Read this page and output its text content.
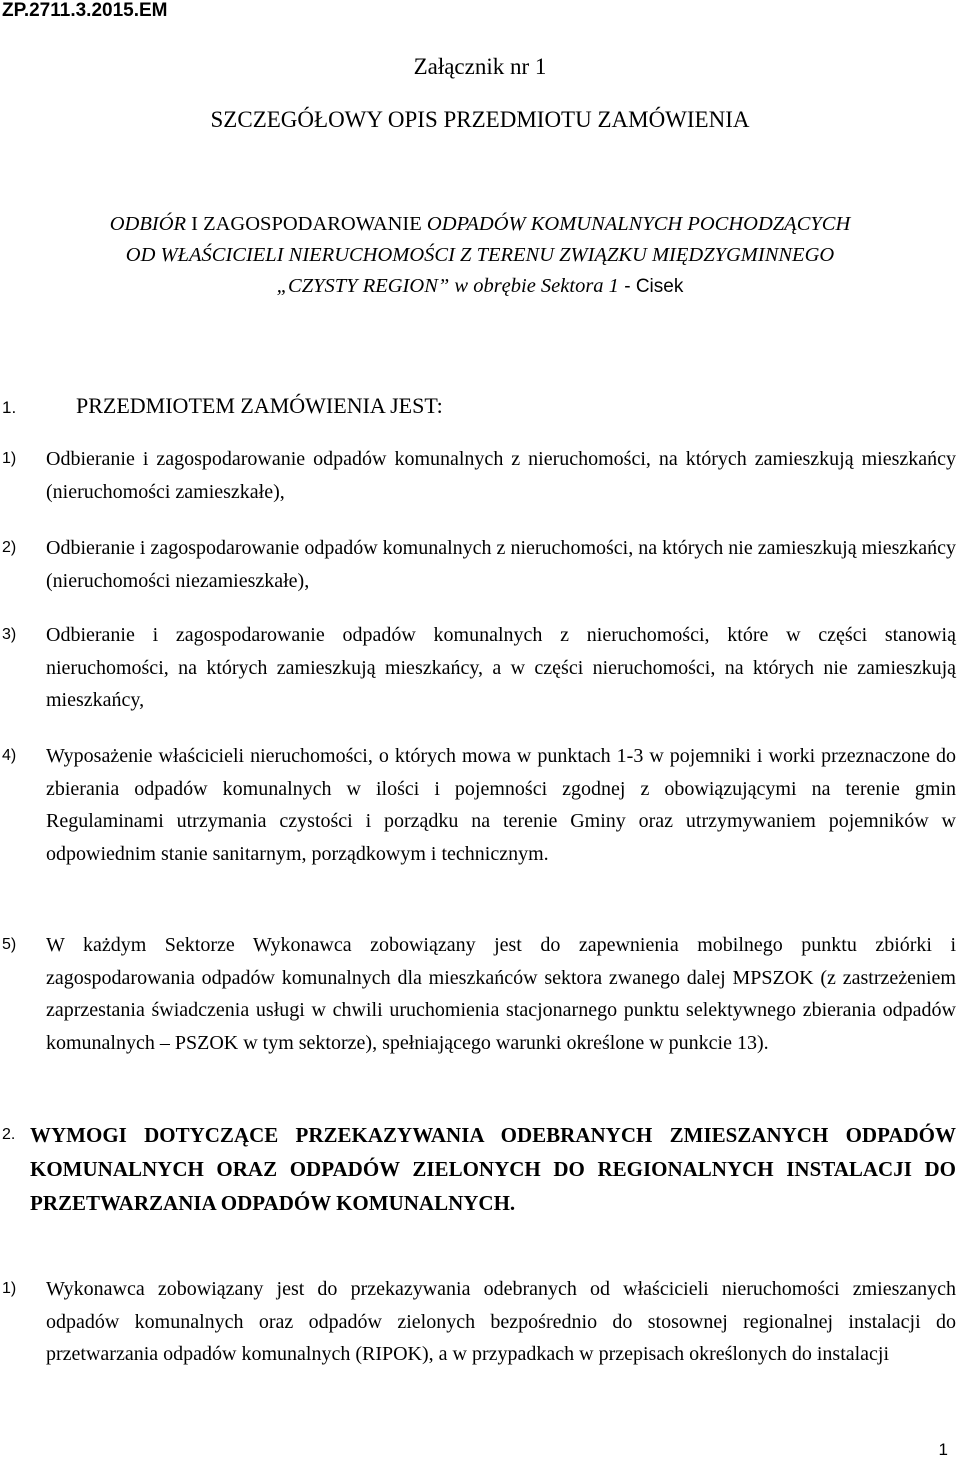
ZP.2711.3.2015.EM
Załącznik nr 1
SZCZEGÓŁOWY OPIS PRZEDMIOTU ZAMÓWIENIA
ODBIÓR I ZAGOSPODAROWANIE ODPADÓW KOMUNALNYCH POCHODZĄCYCH
OD WŁAŚCICIELI NIERUCHOMOŚCI Z TERENU ZWIĄZKU MIĘDZYGMINNEGO
„CZYSTY REGION” w obrębie Sektora 1 - Cisek
1.	PRZEDMIOTEM ZAMÓWIENIA JEST:
1) Odbieranie i zagospodarowanie odpadów komunalnych z nieruchomości, na których zamieszkują mieszkańcy (nieruchomości zamieszkałe),
2) Odbieranie i zagospodarowanie odpadów komunalnych z nieruchomości, na których nie zamieszkują mieszkańcy (nieruchomości niezamieszkałe),
3) Odbieranie i zagospodarowanie odpadów komunalnych z nieruchomości, które w części stanowią nieruchomości, na których zamieszkują mieszkańcy, a w części nieruchomości, na których nie zamieszkują mieszkańcy,
4) Wyposażenie właścicieli nieruchomości, o których mowa w punktach 1-3 w pojemniki i worki przeznaczone do zbierania odpadów komunalnych w ilości i pojemności zgodnej z obowiązującymi na terenie gmin Regulaminami utrzymania czystości i porządku na terenie Gminy oraz utrzymywaniem pojemników w odpowiednim stanie sanitarnym, porządkowym i technicznym.
5) W każdym Sektorze Wykonawca zobowiązany jest do zapewnienia mobilnego punktu zbiórki i zagospodarowania odpadów komunalnych dla mieszkańców sektora zwanego dalej MPSZOK (z zastrzeżeniem zaprzestania świadczenia usługi w chwili uruchomienia stacjonarnego punktu selektywnego zbierania odpadów komunalnych – PSZOK w tym sektorze), spełniającego warunki określone w punkcie 13).
2. WYMOGI DOTYCZĄCE PRZEKAZYWANIA ODEBRANYCH ZMIESZANYCH ODPADÓW KOMUNALNYCH ORAZ ODPADÓW ZIELONYCH DO REGIONALNYCH INSTALACJI DO PRZETWARZANIA ODPADÓW KOMUNALNYCH.
1) Wykonawca zobowiązany jest do przekazywania odebranych od właścicieli nieruchomości zmieszanych odpadów komunalnych oraz odpadów zielonych bezpośrednio do stosownej regionalnej instalacji do przetwarzania odpadów komunalnych (RIPOK), a w przypadkach w przepisach określonych do instalacji
1
